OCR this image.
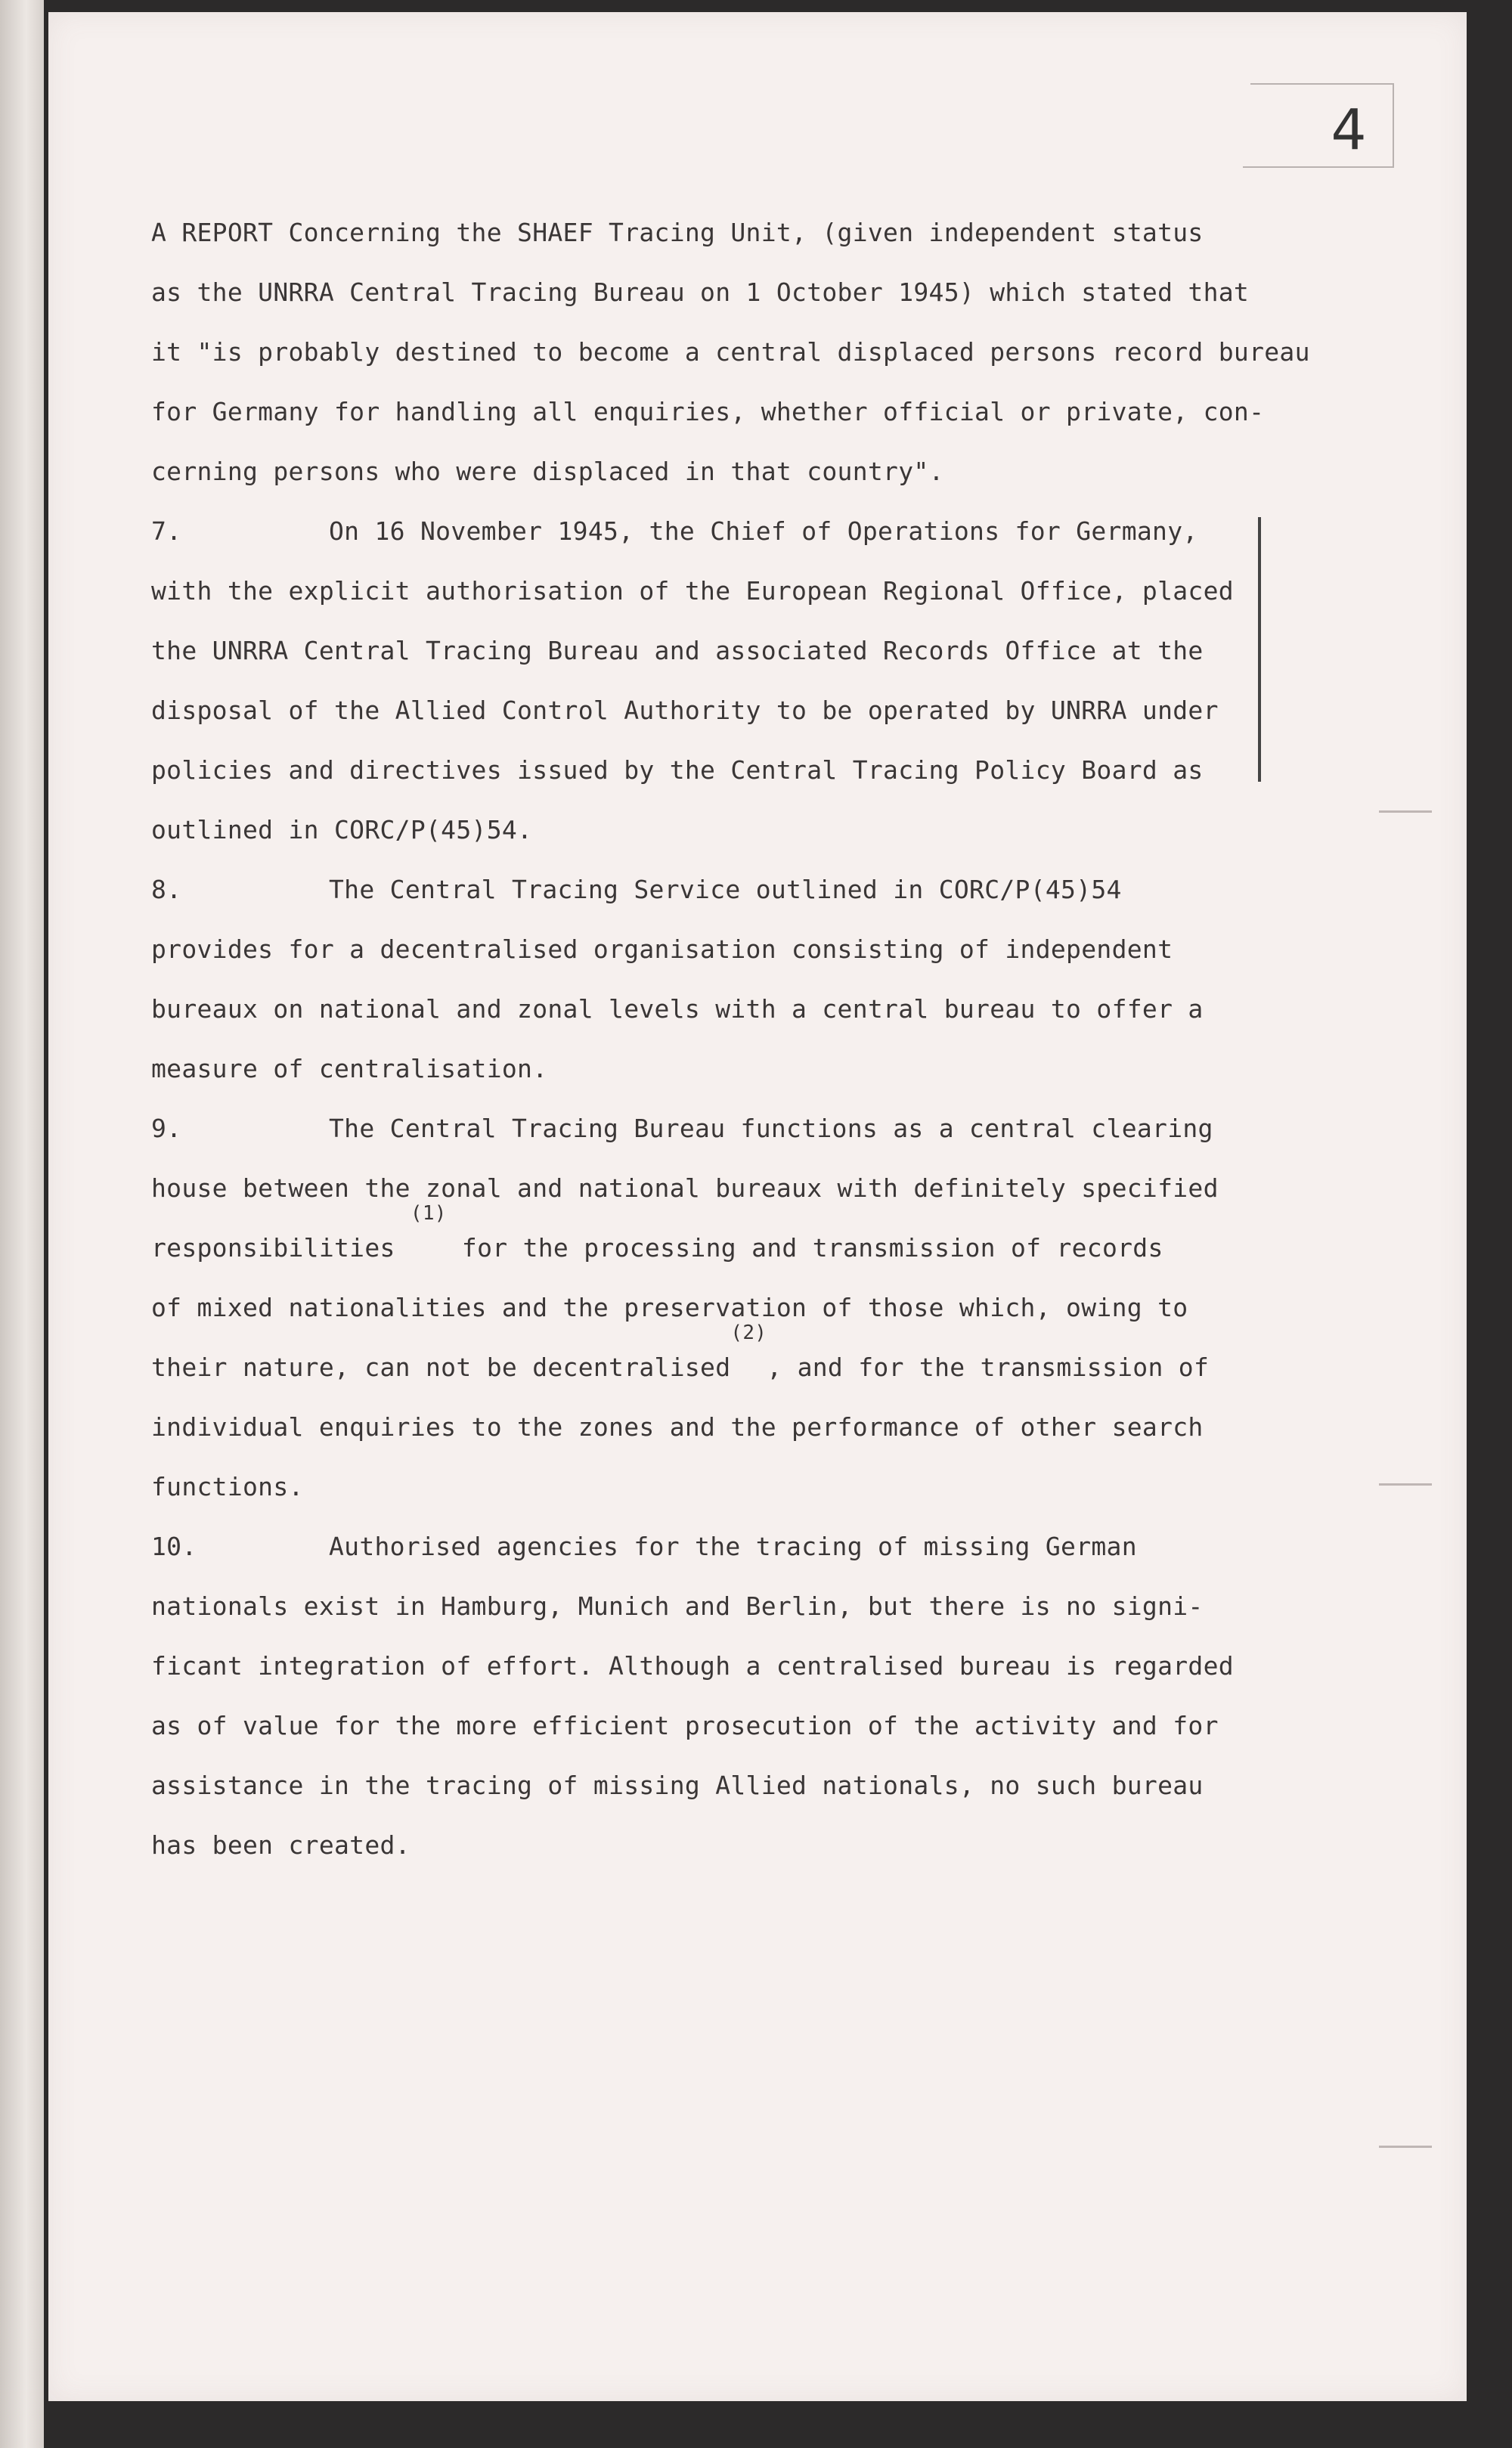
4
A REPORT Concerning the SHAEF Tracing Unit, (given independent status
as the UNRRA Central Tracing Bureau on 1 October 1945) which stated that
it "is probably destined to become a central displaced persons record bureau
for Germany for handling all enquiries, whether official or private, con-
cerning persons who were displaced in that country".
7.	On 16 November 1945, the Chief of Operations for Germany,
with the explicit authorisation of the European Regional Office, placed
the UNRRA Central Tracing Bureau and associated Records Office at the
disposal of the Allied Control Authority to be operated by UNRRA under
policies and directives issued by the Central Tracing Policy Board as
outlined in CORC/P(45)54.
8.	The Central Tracing Service outlined in CORC/P(45)54
provides for a decentralised organisation consisting of independent
bureaux on national and zonal levels with a central bureau to offer a
measure of centralisation.
9.	The Central Tracing Bureau functions as a central clearing
house between the zonal and national bureaux with definitely specified
responsibilities $^{(1)}$ for the processing and transmission of records
of mixed nationalities and the preservation of those which, owing to
their nature, can not be decentralised$^{(2)}$, and for the transmission of
individual enquiries to the zones and the performance of other search
functions.
10.	Authorised agencies for the tracing of missing German
nationals exist in Hamburg, Munich and Berlin, but there is no signi-
ficant integration of effort. Although a centralised bureau is regarded
as of value for the more efficient prosecution of the activity and for
assistance in the tracing of missing Allied nationals, no such bureau
has been created.
